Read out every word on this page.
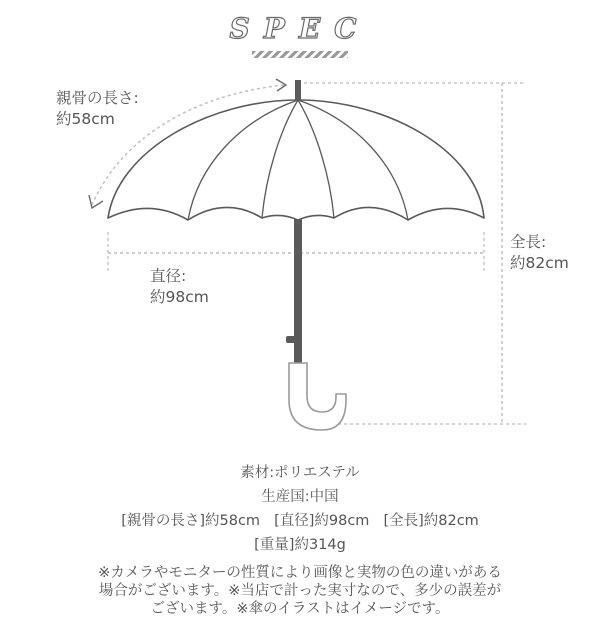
SPEC
親骨の長さ:
約58cm
直径:
約98cm
全長:
約82cm
素材:ポリエステル
生産国:中国
[親骨の長さ]約58cm [直径]約98cm [全長]約82cm
[重量]約314g
※カメラやモニターの性質により画像と実物の色の違いがある
場合がございます。※当店で計った実寸なので、多少の誤差が
ございます。※傘のイラストはイメージです。
